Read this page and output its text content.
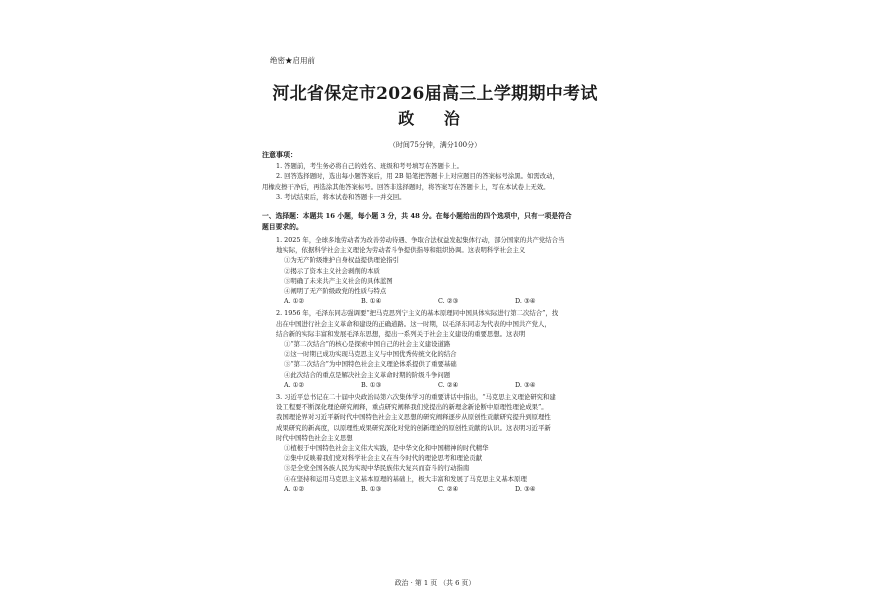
绝密★启用前
河北省保定市2026届高三上学期期中考试
政 治
（时间75分钟，满分100分）
注意事项：
1. 答题前，考生务必将自己的姓名、班级和考号填写在答题卡上。
2. 回答选择题时，选出每小题答案后，用 2B 铅笔把答题卡上对应题目的答案标号涂黑。如需改动，
用橡皮擦干净后，再选涂其他答案标号。回答非选择题时，将答案写在答题卡上，写在本试卷上无效。
3. 考试结束后，将本试卷和答题卡一并交回。
一、选择题：本题共 16 小题，每小题 3 分，共 48 分。在每小题给出的四个选项中，只有一项是符合
题目要求的。
1. 2025 年，全球多地劳动者为改善劳动待遇、争取合法权益发起集体行动，部分国家的共产党结合当
地实际，依据科学社会主义理论为劳动者斗争提供指导和组织协调。这表明科学社会主义
①为无产阶级维护自身权益提供理论指引
②揭示了资本主义社会剥削的本质
③明确了未来共产主义社会的具体蓝图
④阐明了无产阶级政党的性质与特点
A. ①②	B. ①④	C. ②③	D. ③④
2. 1956 年，毛泽东同志强调要“把马克思列宁主义的基本原理同中国具体实际进行第二次结合”，找
出在中国进行社会主义革命和建设的正确道路。这一时期，以毛泽东同志为代表的中国共产党人，
结合新的实际丰富和发展毛泽东思想，提出一系列关于社会主义建设的重要思想。这表明
①“第二次结合”的核心是探索中国自己的社会主义建设道路
②这一时期已成功实现马克思主义与中国优秀传统文化的结合
③“第二次结合”为中国特色社会主义理论体系提供了重要基础
④此次结合的重点是解决社会主义革命时期的阶级斗争问题
A. ①②	B. ①③	C. ②④	D. ③④
3. 习近平总书记在二十届中央政治局第六次集体学习的重要讲话中指出，“马克思主义理论研究和建
设工程要不断深化理论研究阐释，重点研究阐释我们党提出的新理念新论断中原理性理论成果”。
我国理论界对习近平新时代中国特色社会主义思想的研究阐释逐步从原创性贡献研究提升到原理性
成果研究的新高度，以原理性成果研究深化对党的创新理论的原创性贡献的认识。这表明习近平新
时代中国特色社会主义思想
①植根于中国特色社会主义伟大实践，是中华文化和中国精神的时代精华
②集中反映着我们党对科学社会主义在当今时代的理论思考和理论贡献
③是全党全国各族人民为实现中华民族伟大复兴而奋斗的行动指南
④在坚持和运用马克思主义基本原理的基础上，极大丰富和发展了马克思主义基本原理
A. ①②	B. ①③	C. ②④	D. ③④
政治 · 第 1 页 （共 6 页）
